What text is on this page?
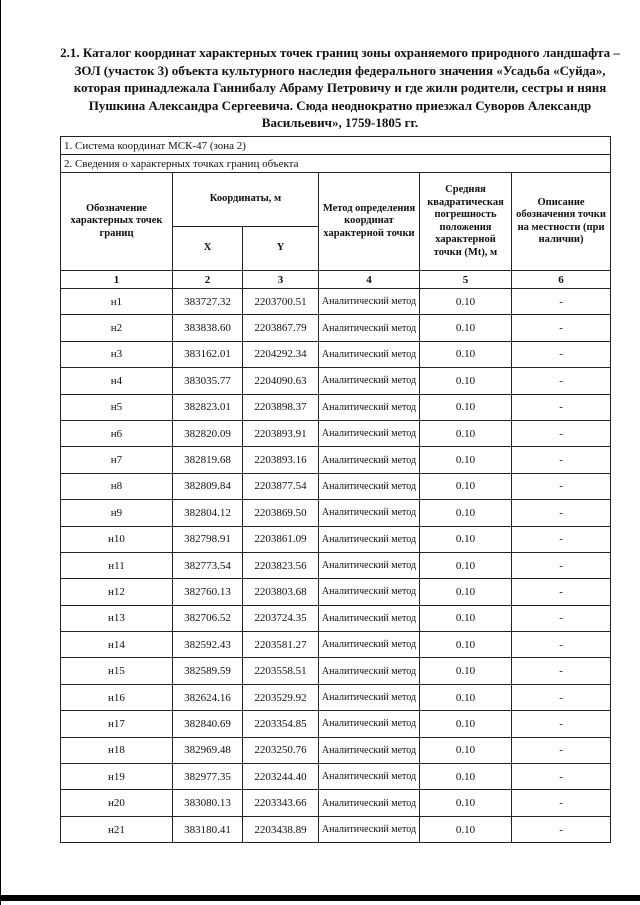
2.1. Каталог координат характерных точек границ зоны охраняемого природного ландшафта –ЗОЛ (участок 3) объекта культурного наследия федерального значения «Усадьба «Суйда», которая принадлежала Ганнибалу Абраму Петровичу и где жили родители, сестры и няня Пушкина Александра Сергеевича. Сюда неоднократно приезжал Суворов Александр Васильевич», 1759-1805 гг.
1. Система координат МСК-47 (зона 2)					
2. Сведения о характерных точках границ объекта					
Обозначение характерных точек границ	Координаты, м		Метод определения координат характерной точки	Средняя квадратическая погрешность положения характерной точки (Mt), м	Описание обозначения точки на местности (при наличии)
	X	Y			
1	2	3	4	5	6
н1	383727.32	2203700.51	Аналитический метод	0.10	-
н2	383838.60	2203867.79	Аналитический метод	0.10	-
н3	383162.01	2204292.34	Аналитический метод	0.10	-
н4	383035.77	2204090.63	Аналитический метод	0.10	-
н5	382823.01	2203898.37	Аналитический метод	0.10	-
н6	382820.09	2203893.91	Аналитический метод	0.10	-
н7	382819.68	2203893.16	Аналитический метод	0.10	-
н8	382809.84	2203877.54	Аналитический метод	0.10	-
н9	382804.12	2203869.50	Аналитический метод	0.10	-
н10	382798.91	2203861.09	Аналитический метод	0.10	-
н11	382773.54	2203823.56	Аналитический метод	0.10	-
н12	382760.13	2203803.68	Аналитический метод	0.10	-
н13	382706.52	2203724.35	Аналитический метод	0.10	-
н14	382592.43	2203581.27	Аналитический метод	0.10	-
н15	382589.59	2203558.51	Аналитический метод	0.10	-
н16	382624.16	2203529.92	Аналитический метод	0.10	-
н17	382840.69	2203354.85	Аналитический метод	0.10	-
н18	382969.48	2203250.76	Аналитический метод	0.10	-
н19	382977.35	2203244.40	Аналитический метод	0.10	-
н20	383080.13	2203343.66	Аналитический метод	0.10	-
н21	383180.41	2203438.89	Аналитический метод	0.10	-
